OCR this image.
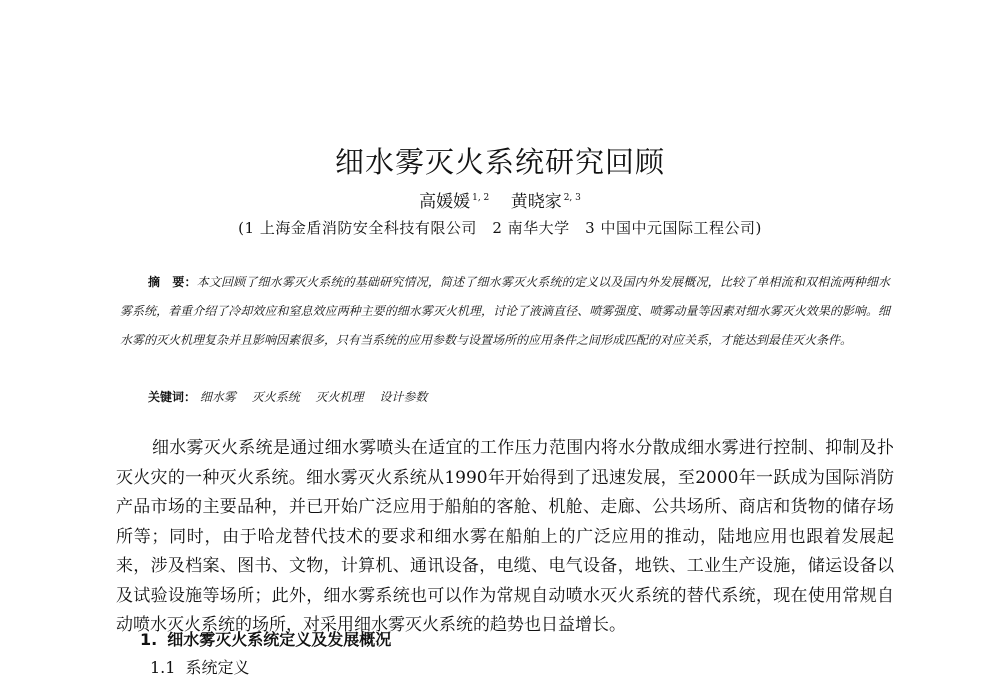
细水雾灭火系统研究回顾
高媛媛 $^{1, 2}$ 黄晓家 $^{2, 3}$
(1 上海金盾消防安全科技有限公司　2 南华大学　3 中国中元国际工程公司)
摘　要：本文回顾了细水雾灭火系统的基础研究情况，简述了细水雾灭火系统的定义以及国内外发展概况，比较了单相流和双相流两种细水雾系统，着重介绍了冷却效应和窒息效应两种主要的细水雾灭火机理，讨论了液滴直径、喷雾强度、喷雾动量等因素对细水雾灭火效果的影响。细水雾的灭火机理复杂并且影响因素很多，只有当系统的应用参数与设置场所的应用条件之间形成匹配的对应关系，才能达到最佳灭火条件。
关键词： 细水雾 灭火系统 灭火机理 设计参数
细水雾灭火系统是通过细水雾喷头在适宜的工作压力范围内将水分散成细水雾进行控制、抑制及扑灭火灾的一种灭火系统。细水雾灭火系统从1990年开始得到了迅速发展，至2000年一跃成为国际消防产品市场的主要品种，并已开始广泛应用于船舶的客舱、机舱、走廊、公共场所、商店和货物的储存场所等；同时，由于哈龙替代技术的要求和细水雾在船舶上的广泛应用的推动，陆地应用也跟着发展起来，涉及档案、图书、文物，计算机、通讯设备，电缆、电气设备，地铁、工业生产设施，储运设备以及试验设施等场所；此外，细水雾系统也可以作为常规自动喷水灭火系统的替代系统，现在使用常规自动喷水灭火系统的场所，对采用细水雾灭火系统的趋势也日益增长。
1. 细水雾灭火系统定义及发展概况
1.1 系统定义
